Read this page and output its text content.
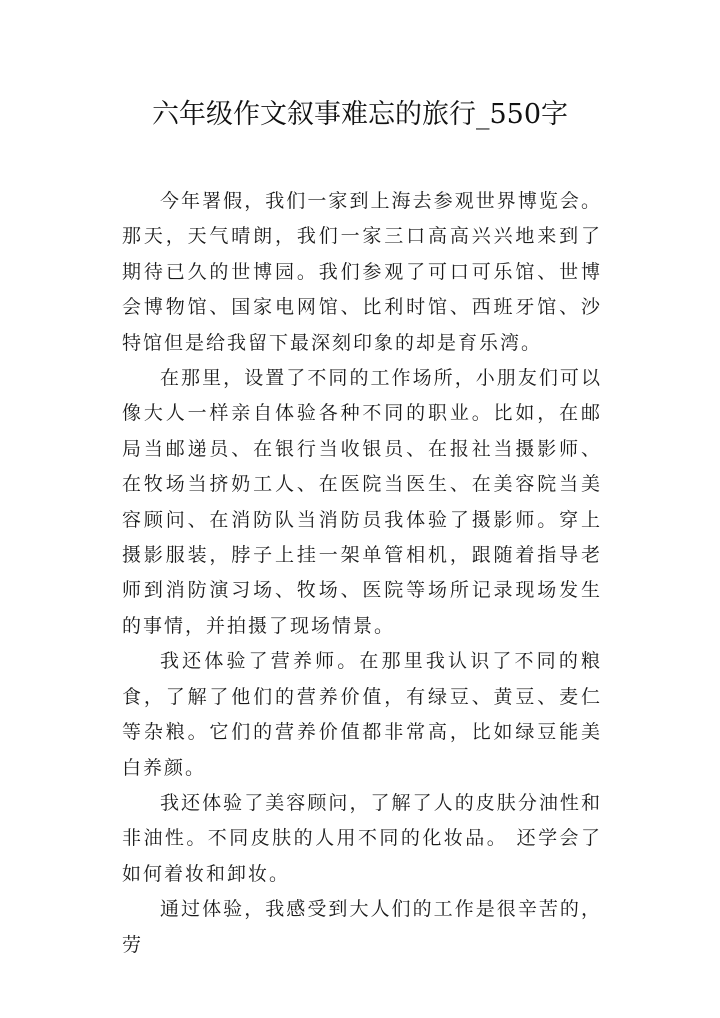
六年级作文叙事难忘的旅行_550字

今年署假，我们一家到上海去参观世界博览会。那天，天气晴朗，我们一家三口高高兴兴地来到了期待已久的世博园。我们参观了可口可乐馆、世博会博物馆、国家电网馆、比利时馆、西班牙馆、沙特馆但是给我留下最深刻印象的却是育乐湾。

在那里，设置了不同的工作场所，小朋友们可以像大人一样亲自体验各种不同的职业。比如，在邮局当邮递员、在银行当收银员、在报社当摄影师、在牧场当挤奶工人、在医院当医生、在美容院当美容顾问、在消防队当消防员我体验了摄影师。穿上摄影服装，脖子上挂一架单管相机，跟随着指导老师到消防演习场、牧场、医院等场所记录现场发生的事情，并拍摄了现场情景。

我还体验了营养师。在那里我认识了不同的粮食，了解了他们的营养价值，有绿豆、黄豆、麦仁等杂粮。它们的营养价值都非常高，比如绿豆能美白养颜。

我还体验了美容顾问，了解了人的皮肤分油性和非油性。不同皮肤的人用不同的化妆品。 还学会了如何着妆和卸妆。

通过体验，我感受到大人们的工作是很辛苦的，劳
